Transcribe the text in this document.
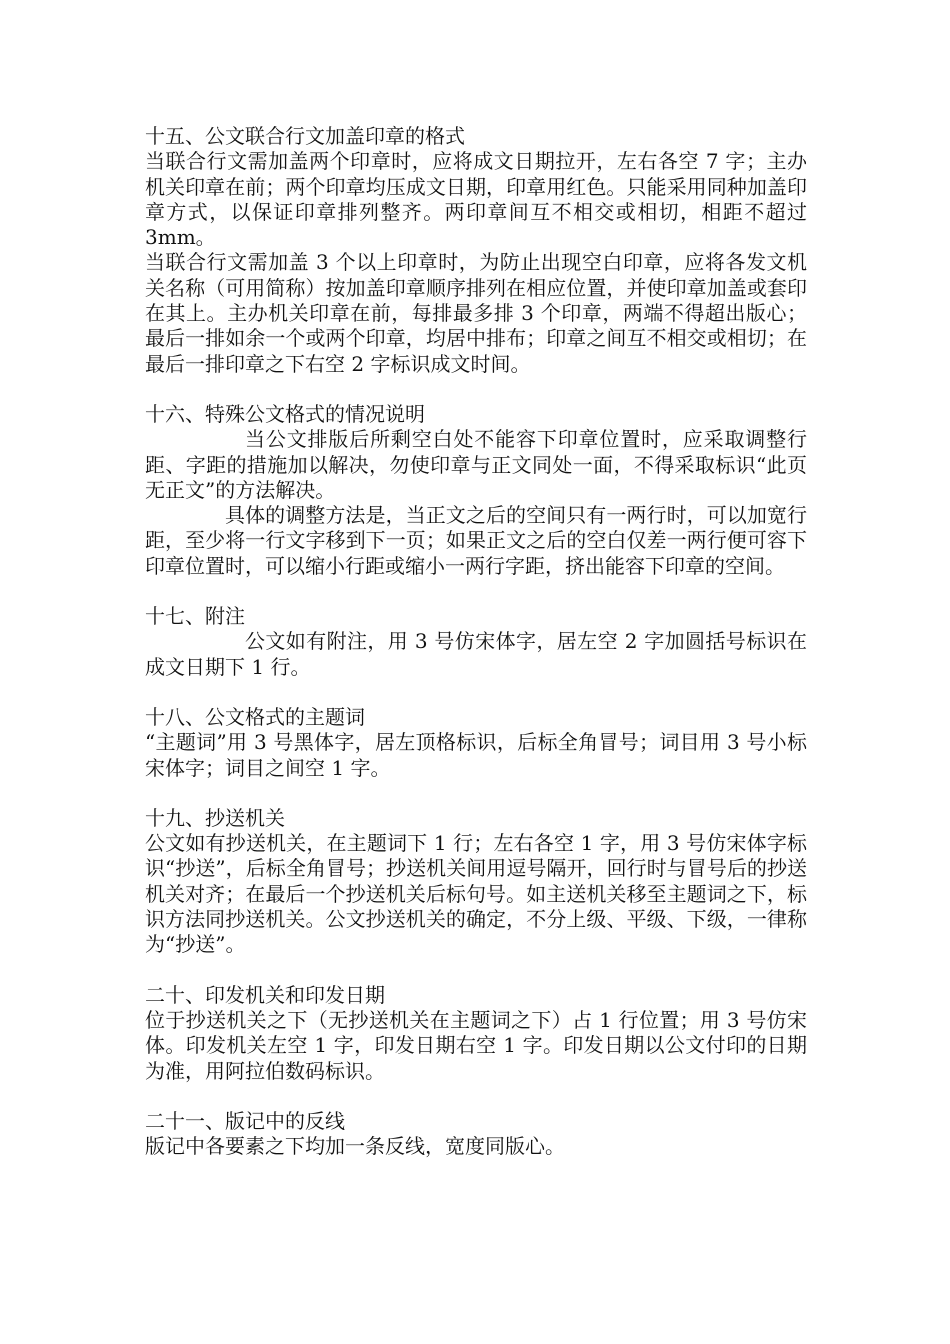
十五、公文联合行文加盖印章的格式

当联合行文需加盖两个印章时，应将成文日期拉开，左右各空 7 字；主办机关印章在前；两个印章均压成文日期，印章用红色。只能采用同种加盖印章方式，以保证印章排列整齐。两印章间互不相交或相切，相距不超过 3mm。

当联合行文需加盖 3 个以上印章时，为防止出现空白印章，应将各发文机关名称（可用简称）按加盖印章顺序排列在相应位置，并使印章加盖或套印在其上。主办机关印章在前，每排最多排 3 个印章，两端不得超出版心；最后一排如余一个或两个印章，均居中排布；印章之间互不相交或相切；在最后一排印章之下右空 2 字标识成文时间。

十六、特殊公文格式的情况说明

当公文排版后所剩空白处不能容下印章位置时，应采取调整行距、字距的措施加以解决，勿使印章与正文同处一面，不得采取标识“此页无正文”的方法解决。

具体的调整方法是，当正文之后的空间只有一两行时，可以加宽行距，至少将一行文字移到下一页；如果正文之后的空白仅差一两行便可容下印章位置时，可以缩小行距或缩小一两行字距，挤出能容下印章的空间。

十七、附注

公文如有附注，用 3 号仿宋体字，居左空 2 字加圆括号标识在成文日期下 1 行。

十八、公文格式的主题词

“主题词”用 3 号黑体字，居左顶格标识，后标全角冒号；词目用 3 号小标宋体字；词目之间空 1 字。

十九、抄送机关

公文如有抄送机关，在主题词下 1 行；左右各空 1 字，用 3 号仿宋体字标识“抄送”，后标全角冒号；抄送机关间用逗号隔开，回行时与冒号后的抄送机关对齐；在最后一个抄送机关后标句号。如主送机关移至主题词之下，标识方法同抄送机关。公文抄送机关的确定，不分上级、平级、下级，一律称为“抄送”。

二十、印发机关和印发日期

位于抄送机关之下（无抄送机关在主题词之下）占 1 行位置；用 3 号仿宋体。印发机关左空 1 字，印发日期右空 1 字。印发日期以公文付印的日期为准，用阿拉伯数码标识。

二十一、版记中的反线

版记中各要素之下均加一条反线，宽度同版心。
